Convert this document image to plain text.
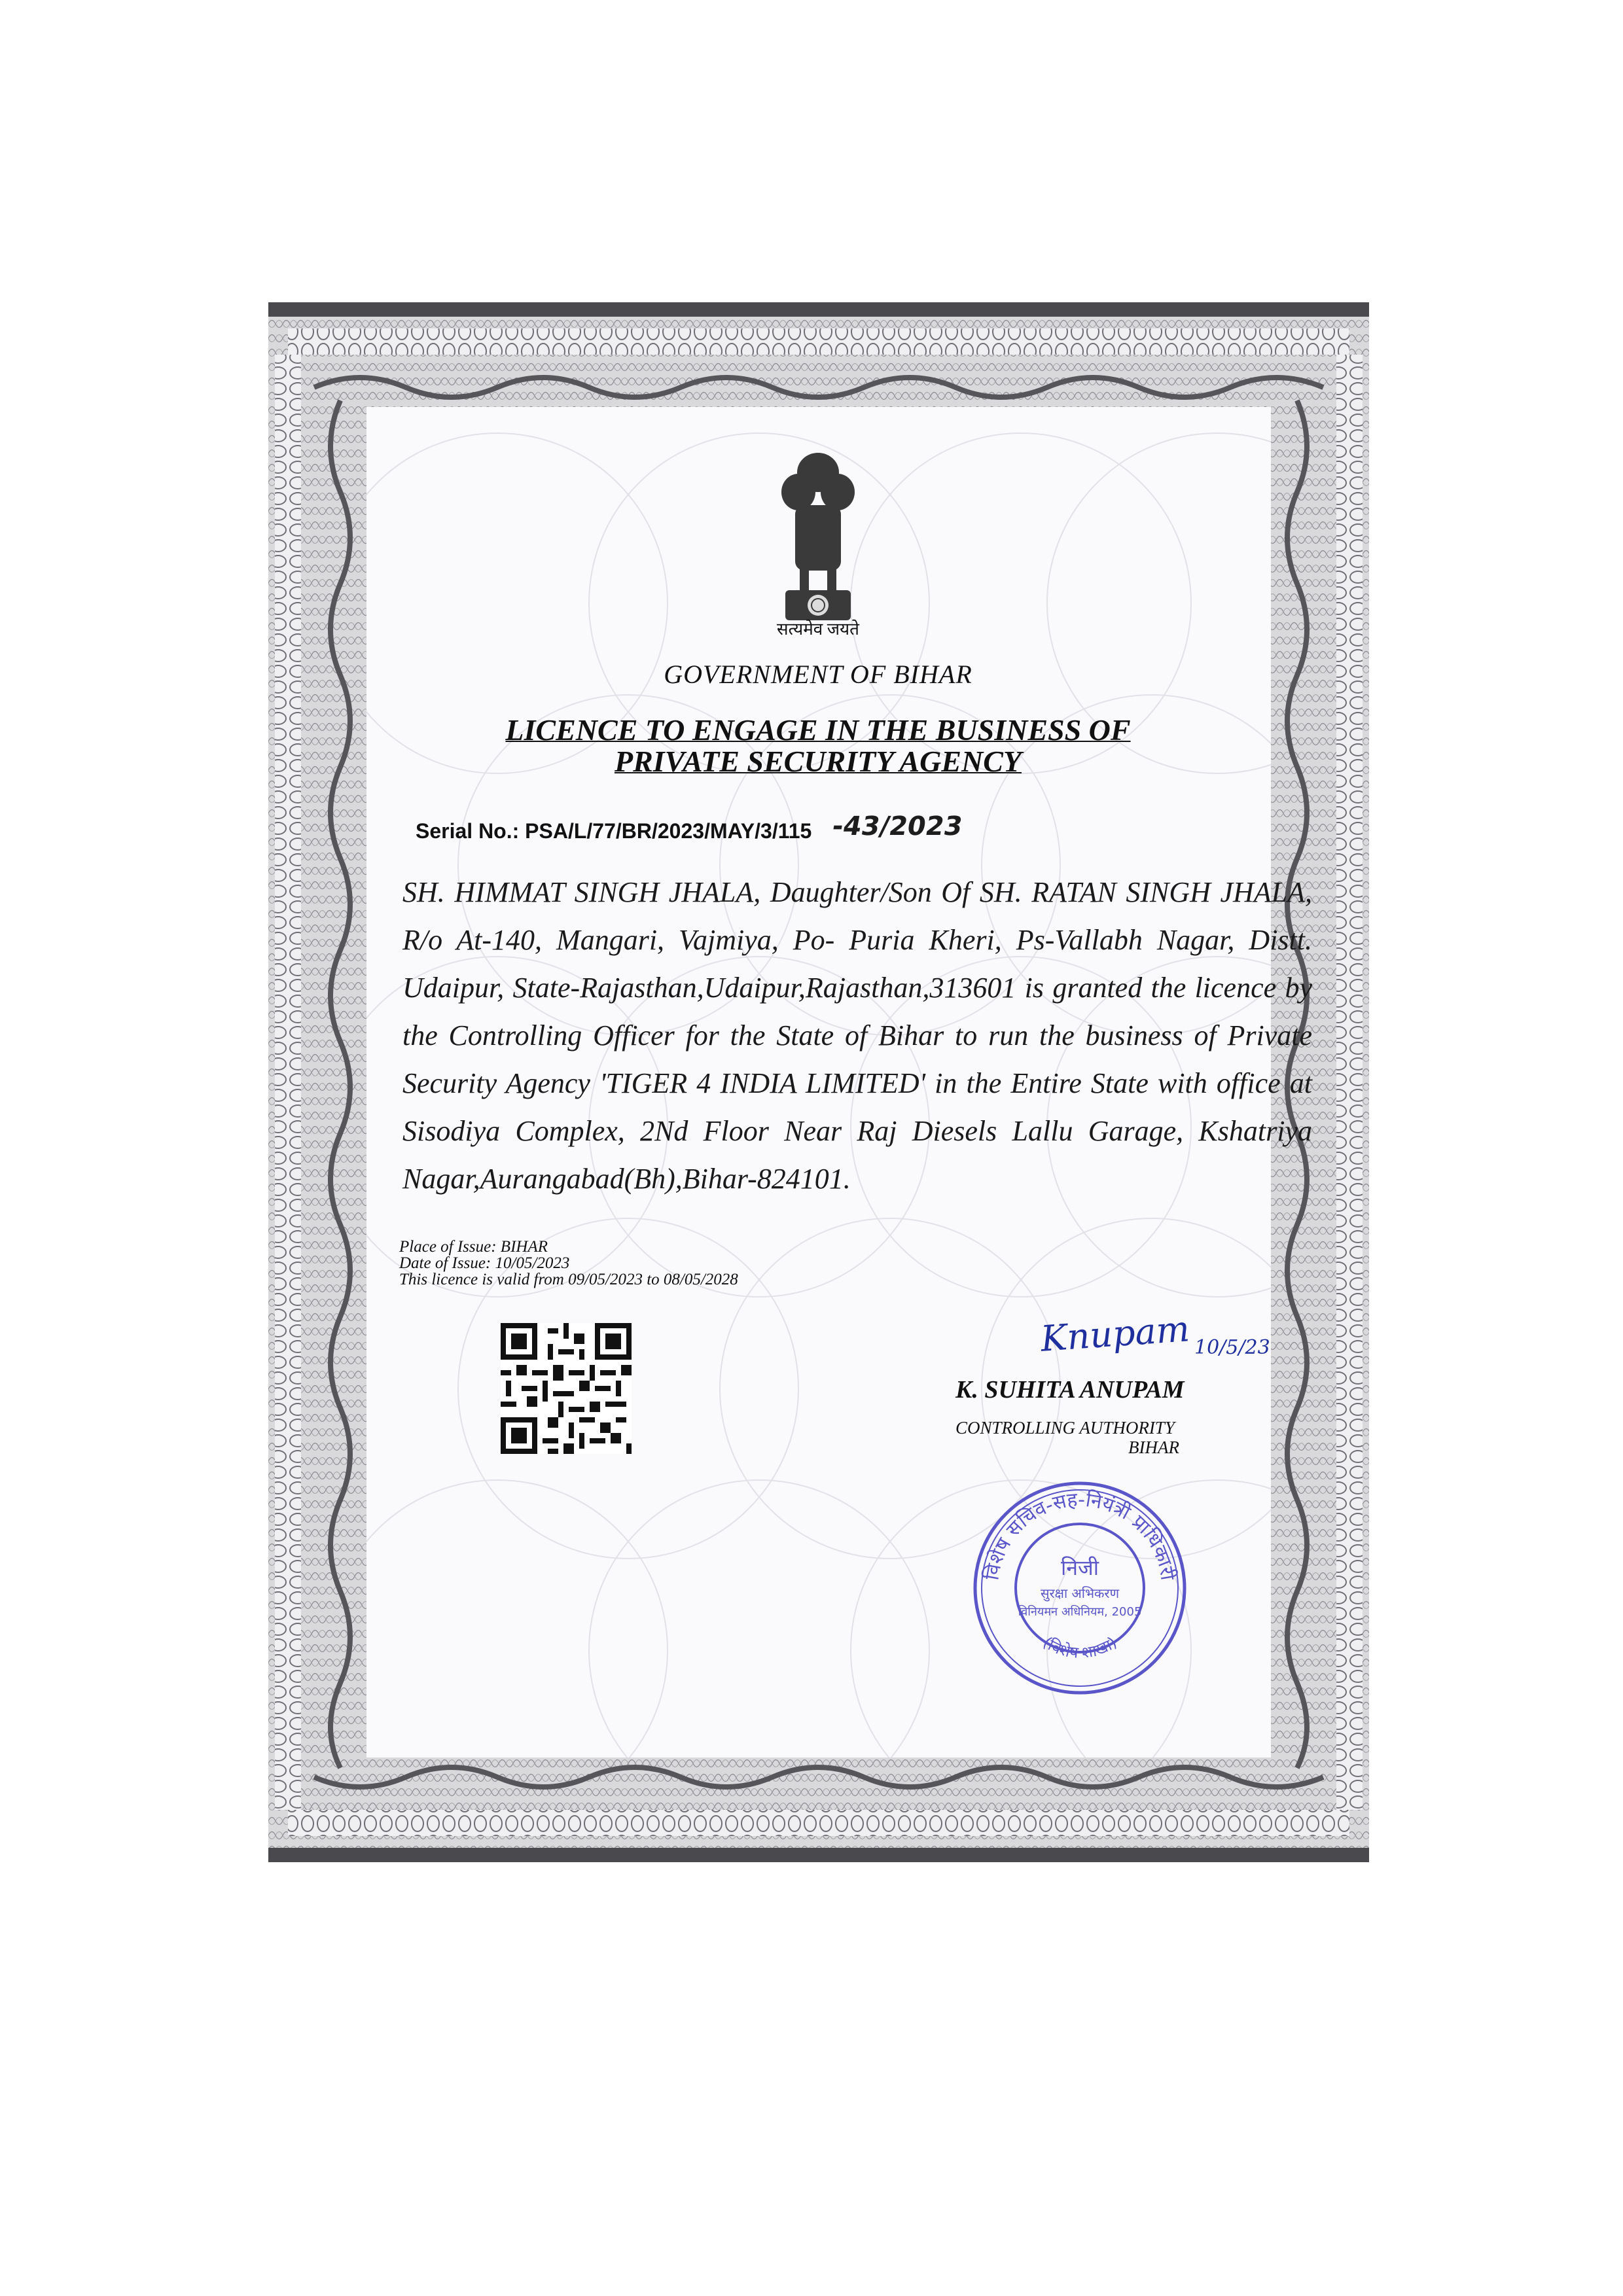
सत्यमेव जयते
GOVERNMENT OF BIHAR
LICENCE TO ENGAGE IN THE BUSINESS OF
PRIVATE SECURITY AGENCY
Serial No.: PSA/L/77/BR/2023/MAY/3/115 -43/2023
SH. HIMMAT SINGH JHALA, Daughter/Son Of SH. RATAN SINGH JHALA, R/o At-140, Mangari, Vajmiya, Po- Puria Kheri, Ps-Vallabh Nagar, Distt. Udaipur, State-Rajasthan,Udaipur,Rajasthan,313601 is granted the licence by the Controlling Officer for the State of Bihar to run the business of Private Security Agency 'TIGER 4 INDIA LIMITED' in the Entire State with office at Sisodiya Complex, 2Nd Floor Near Raj Diesels Lallu Garage, Kshatriya Nagar,Aurangabad(Bh),Bihar-824101.
Place of Issue: BIHAR
Date of Issue: 10/05/2023
This licence is valid from 09/05/2023 to 08/05/2028
Knupam 10/5/23
K. SUHITA ANUPAM
CONTROLLING AUTHORITY
BIHAR
विशेष सचिव-सह-नियंत्री प्राधिकारी
(विशेष शाखा)
निजी
सुरक्षा अभिकरण
विनियमन अधिनियम, 2005
